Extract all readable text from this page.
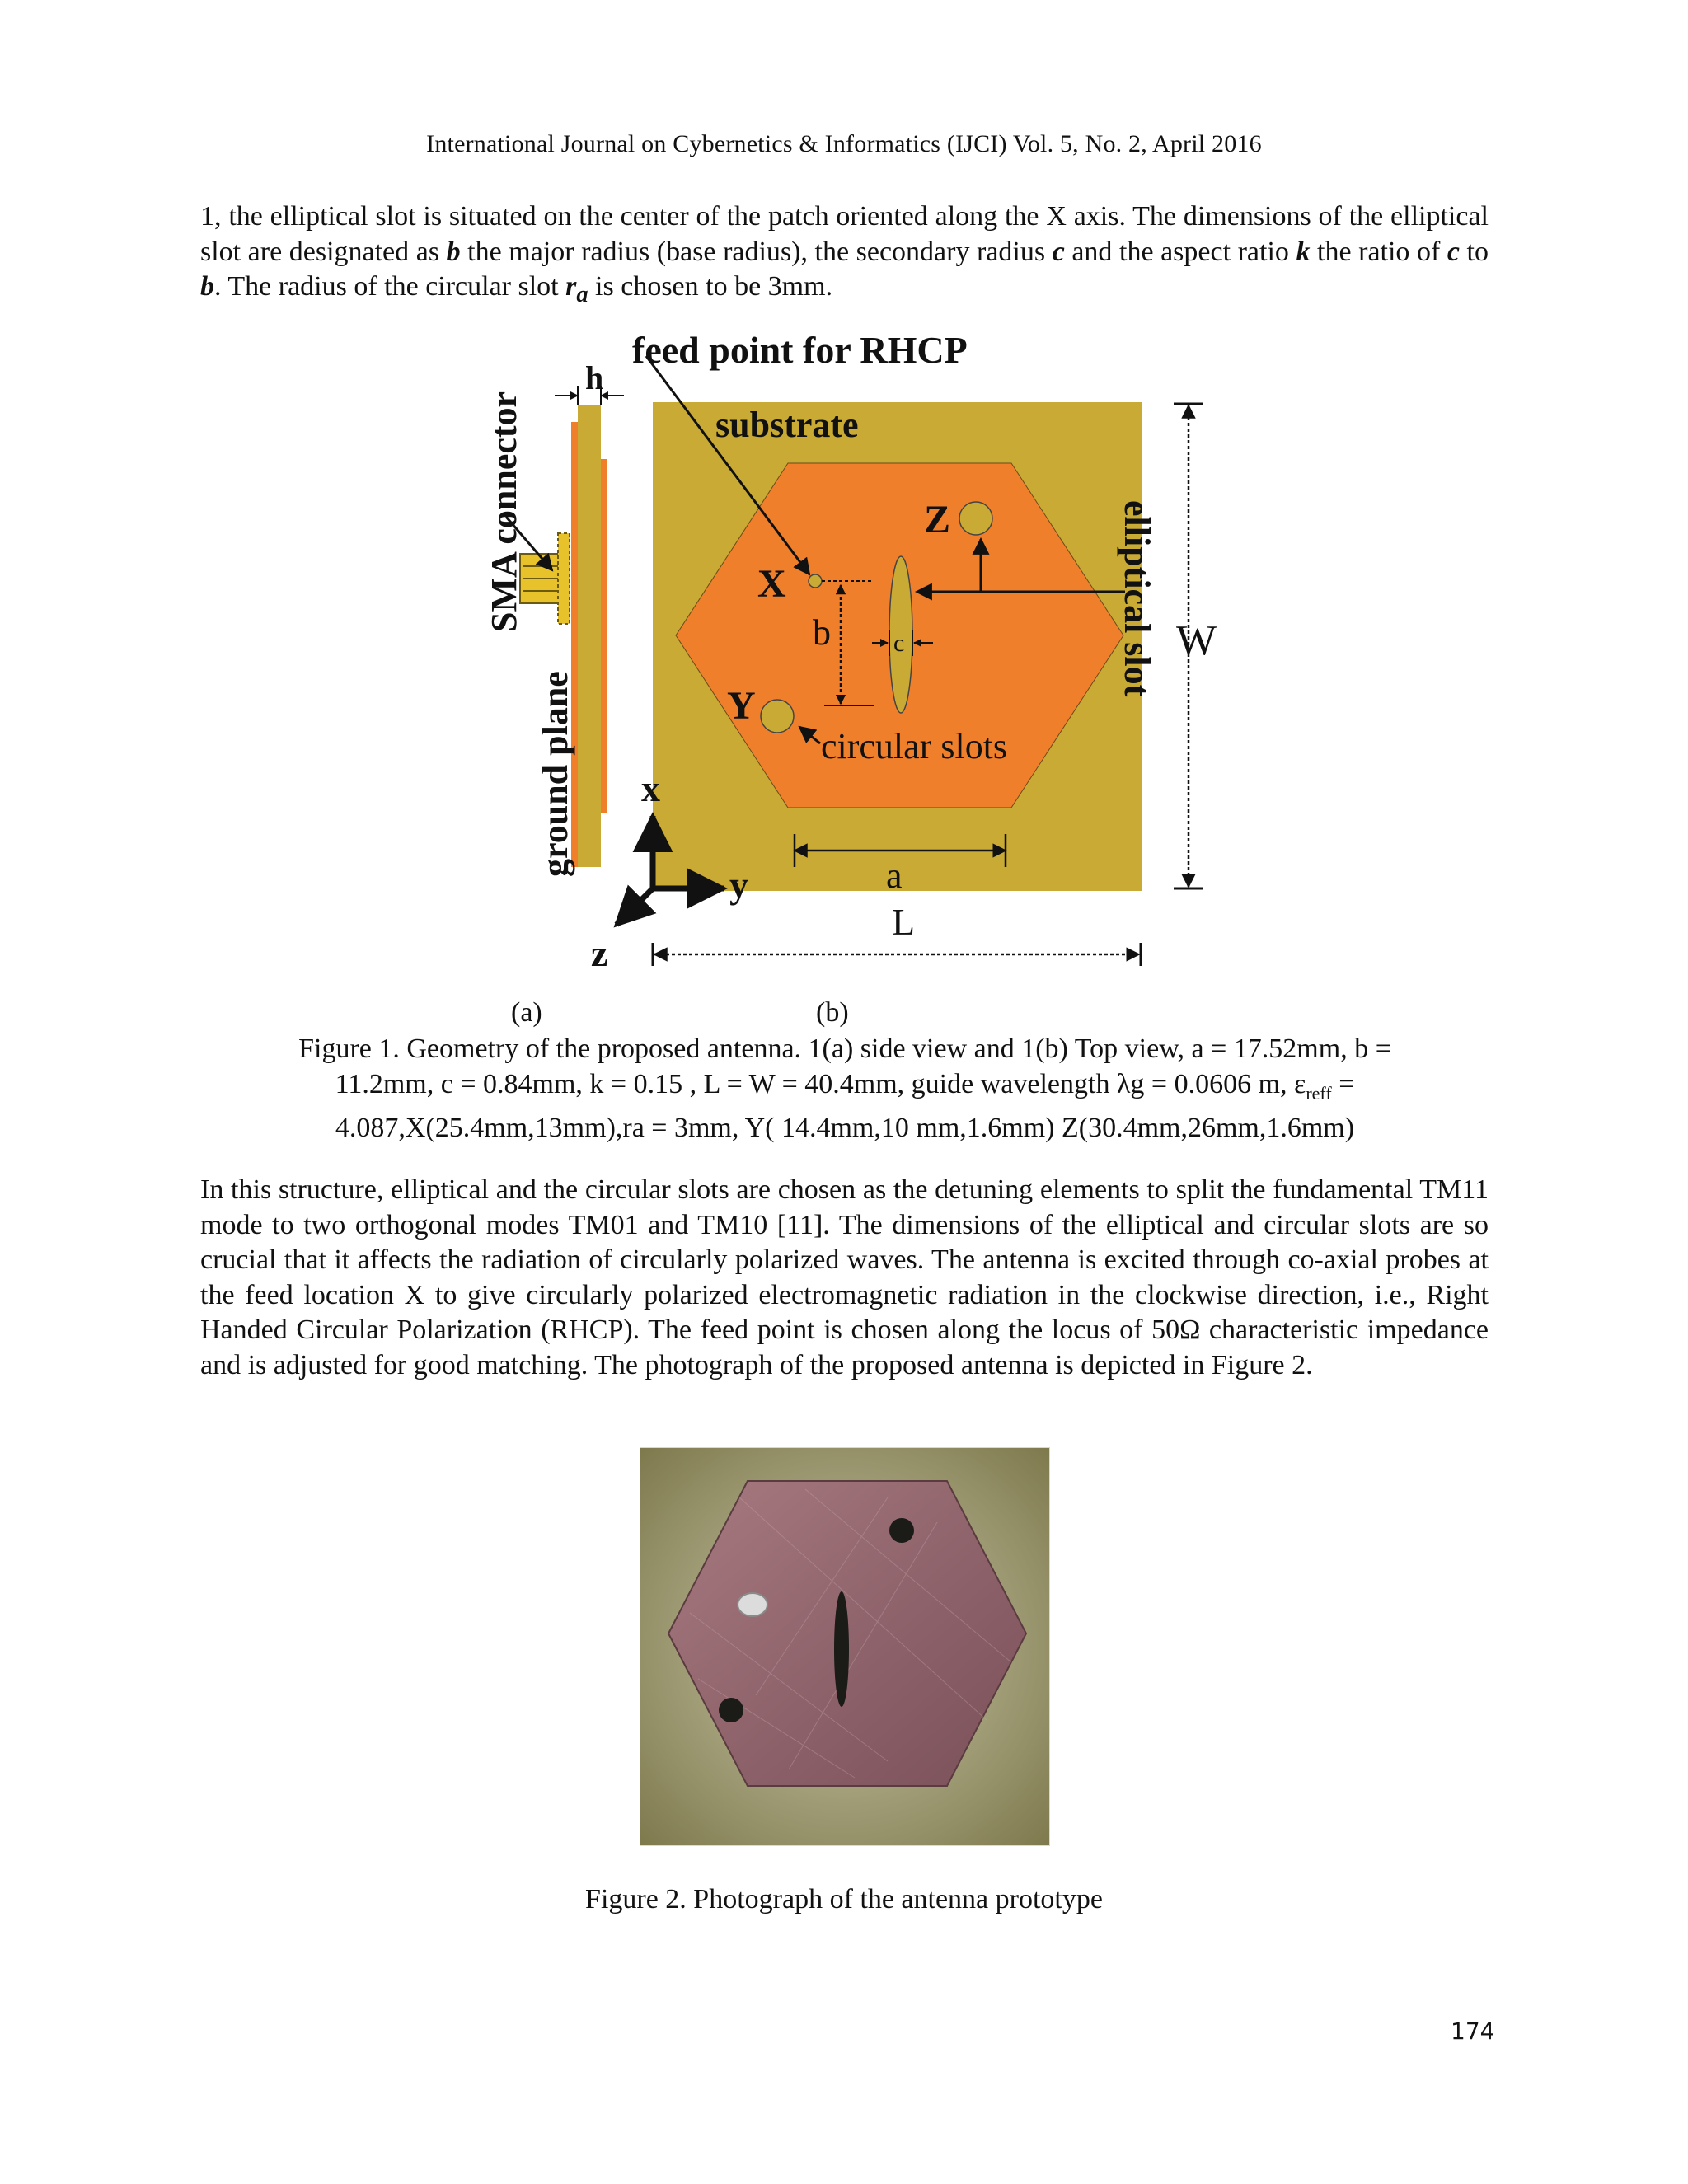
International Journal on Cybernetics & Informatics (IJCI) Vol. 5, No. 2, April 2016
1, the elliptical slot is situated on the center of the patch oriented along the X axis. The dimensions of the elliptical slot are designated as b the major radius (base radius), the secondary radius c and the aspect ratio k the ratio of c to b. The radius of the circular slot $r_a$ is chosen to be 3mm.
h
feed point for RHCP
substrate
X
Y
Z
b	c	elliptical slot
circular slots
a
W
L
SMA connector
ground plane x
y
z
(a)	(b)
Figure 1. Geometry of the proposed antenna. 1(a) side view and 1(b) Top view, a = 17.52mm, b =
11.2mm, c = 0.84mm, k = 0.15 , L = W = 40.4mm, guide wavelength λg = 0.0606 m, $\varepsilon_{reff}$ =
4.087,X(25.4mm,13mm),ra = 3mm, Y( 14.4mm,10 mm,1.6mm) Z(30.4mm,26mm,1.6mm)
In this structure, elliptical and the circular slots are chosen as the detuning elements to split the fundamental TM11 mode to two orthogonal modes TM01 and TM10 [11]. The dimensions of the elliptical and circular slots are so crucial that it affects the radiation of circularly polarized waves. The antenna is excited through co-axial probes at the feed location X to give circularly polarized electromagnetic radiation in the clockwise direction, i.e., Right Handed Circular Polarization (RHCP). The feed point is chosen along the locus of 50Ω characteristic impedance and is adjusted for good matching. The photograph of the proposed antenna is depicted in Figure 2.
Figure 2. Photograph of the antenna prototype
174
